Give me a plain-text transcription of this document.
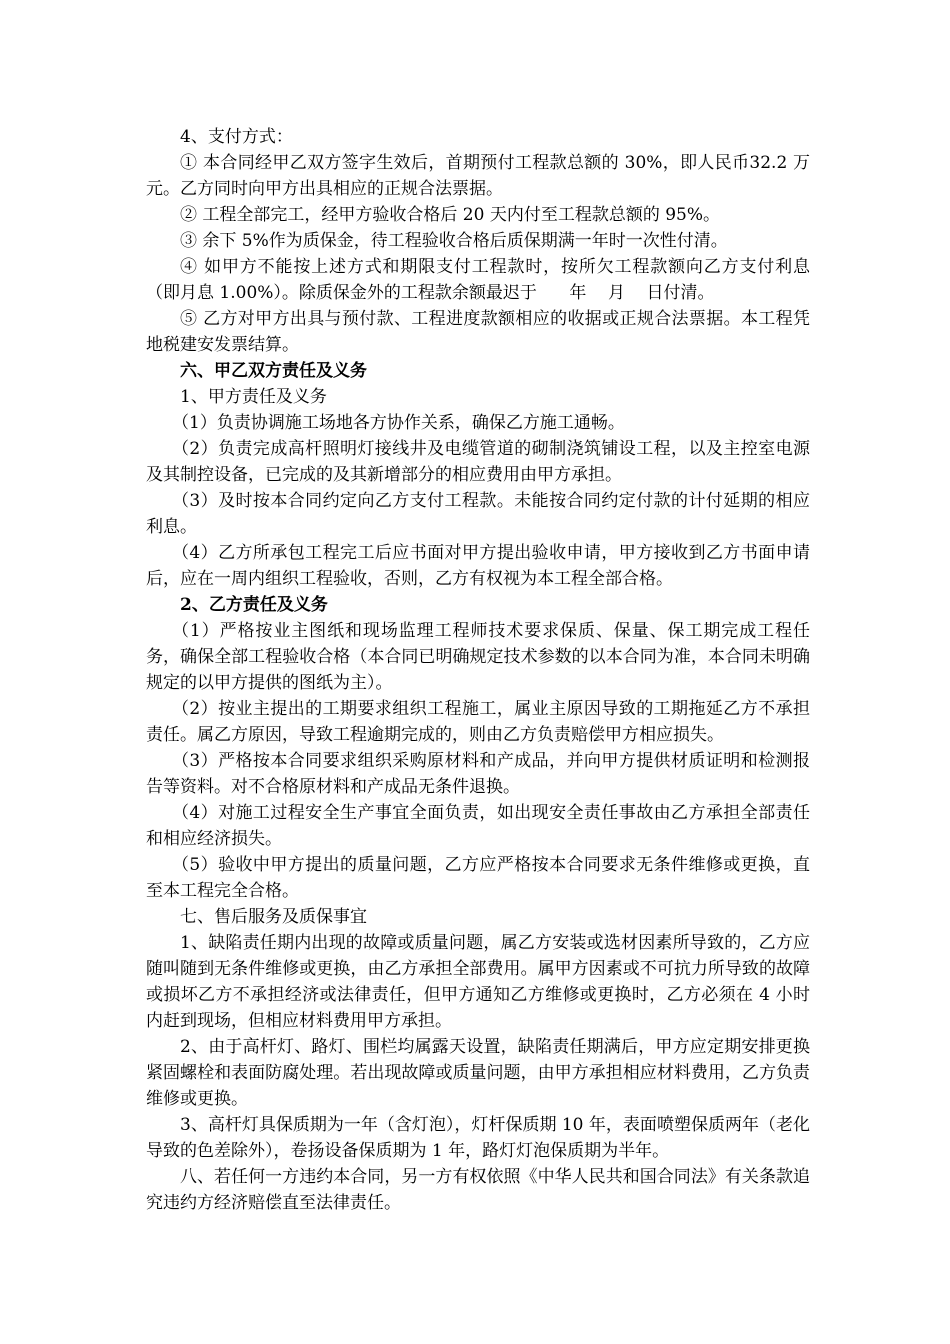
4、支付方式：

① 本合同经甲乙双方签字生效后，首期预付工程款总额的 30%，即人民币32.2 万元。乙方同时向甲方出具相应的正规合法票据。

② 工程全部完工，经甲方验收合格后 20 天内付至工程款总额的 95%。

③ 余下 5%作为质保金，待工程验收合格后质保期满一年时一次性付清。

④ 如甲方不能按上述方式和期限支付工程款时，按所欠工程款额向乙方支付利息（即月息 1.00%）。除质保金外的工程款余额最迟于      年    月    日付清。

⑤ 乙方对甲方出具与预付款、工程进度款额相应的收据或正规合法票据。本工程凭地税建安发票结算。

六、甲乙双方责任及义务

1、甲方责任及义务

（1）负责协调施工场地各方协作关系，确保乙方施工通畅。

（2）负责完成高杆照明灯接线井及电缆管道的砌制浇筑铺设工程，以及主控室电源及其制控设备，已完成的及其新增部分的相应费用由甲方承担。

（3）及时按本合同约定向乙方支付工程款。未能按合同约定付款的计付延期的相应利息。

（4）乙方所承包工程完工后应书面对甲方提出验收申请，甲方接收到乙方书面申请后，应在一周内组织工程验收，否则，乙方有权视为本工程全部合格。

2、乙方责任及义务

（1）严格按业主图纸和现场监理工程师技术要求保质、保量、保工期完成工程任务，确保全部工程验收合格（本合同已明确规定技术参数的以本合同为准，本合同未明确规定的以甲方提供的图纸为主）。

（2）按业主提出的工期要求组织工程施工，属业主原因导致的工期拖延乙方不承担责任。属乙方原因，导致工程逾期完成的，则由乙方负责赔偿甲方相应损失。

（3）严格按本合同要求组织采购原材料和产成品，并向甲方提供材质证明和检测报告等资料。对不合格原材料和产成品无条件退换。

（4）对施工过程安全生产事宜全面负责，如出现安全责任事故由乙方承担全部责任和相应经济损失。

（5）验收中甲方提出的质量问题，乙方应严格按本合同要求无条件维修或更换，直至本工程完全合格。

七、售后服务及质保事宜

1、缺陷责任期内出现的故障或质量问题，属乙方安装或选材因素所导致的，乙方应随叫随到无条件维修或更换，由乙方承担全部费用。属甲方因素或不可抗力所导致的故障或损坏乙方不承担经济或法律责任，但甲方通知乙方维修或更换时，乙方必须在 4 小时内赶到现场，但相应材料费用甲方承担。

2、由于高杆灯、路灯、围栏均属露天设置，缺陷责任期满后，甲方应定期安排更换紧固螺栓和表面防腐处理。若出现故障或质量问题，由甲方承担相应材料费用，乙方负责维修或更换。

3、高杆灯具保质期为一年（含灯泡），灯杆保质期 10 年，表面喷塑保质两年（老化导致的色差除外），卷扬设备保质期为 1 年，路灯灯泡保质期为半年。

八、若任何一方违约本合同，另一方有权依照《中华人民共和国合同法》有关条款追究违约方经济赔偿直至法律责任。
